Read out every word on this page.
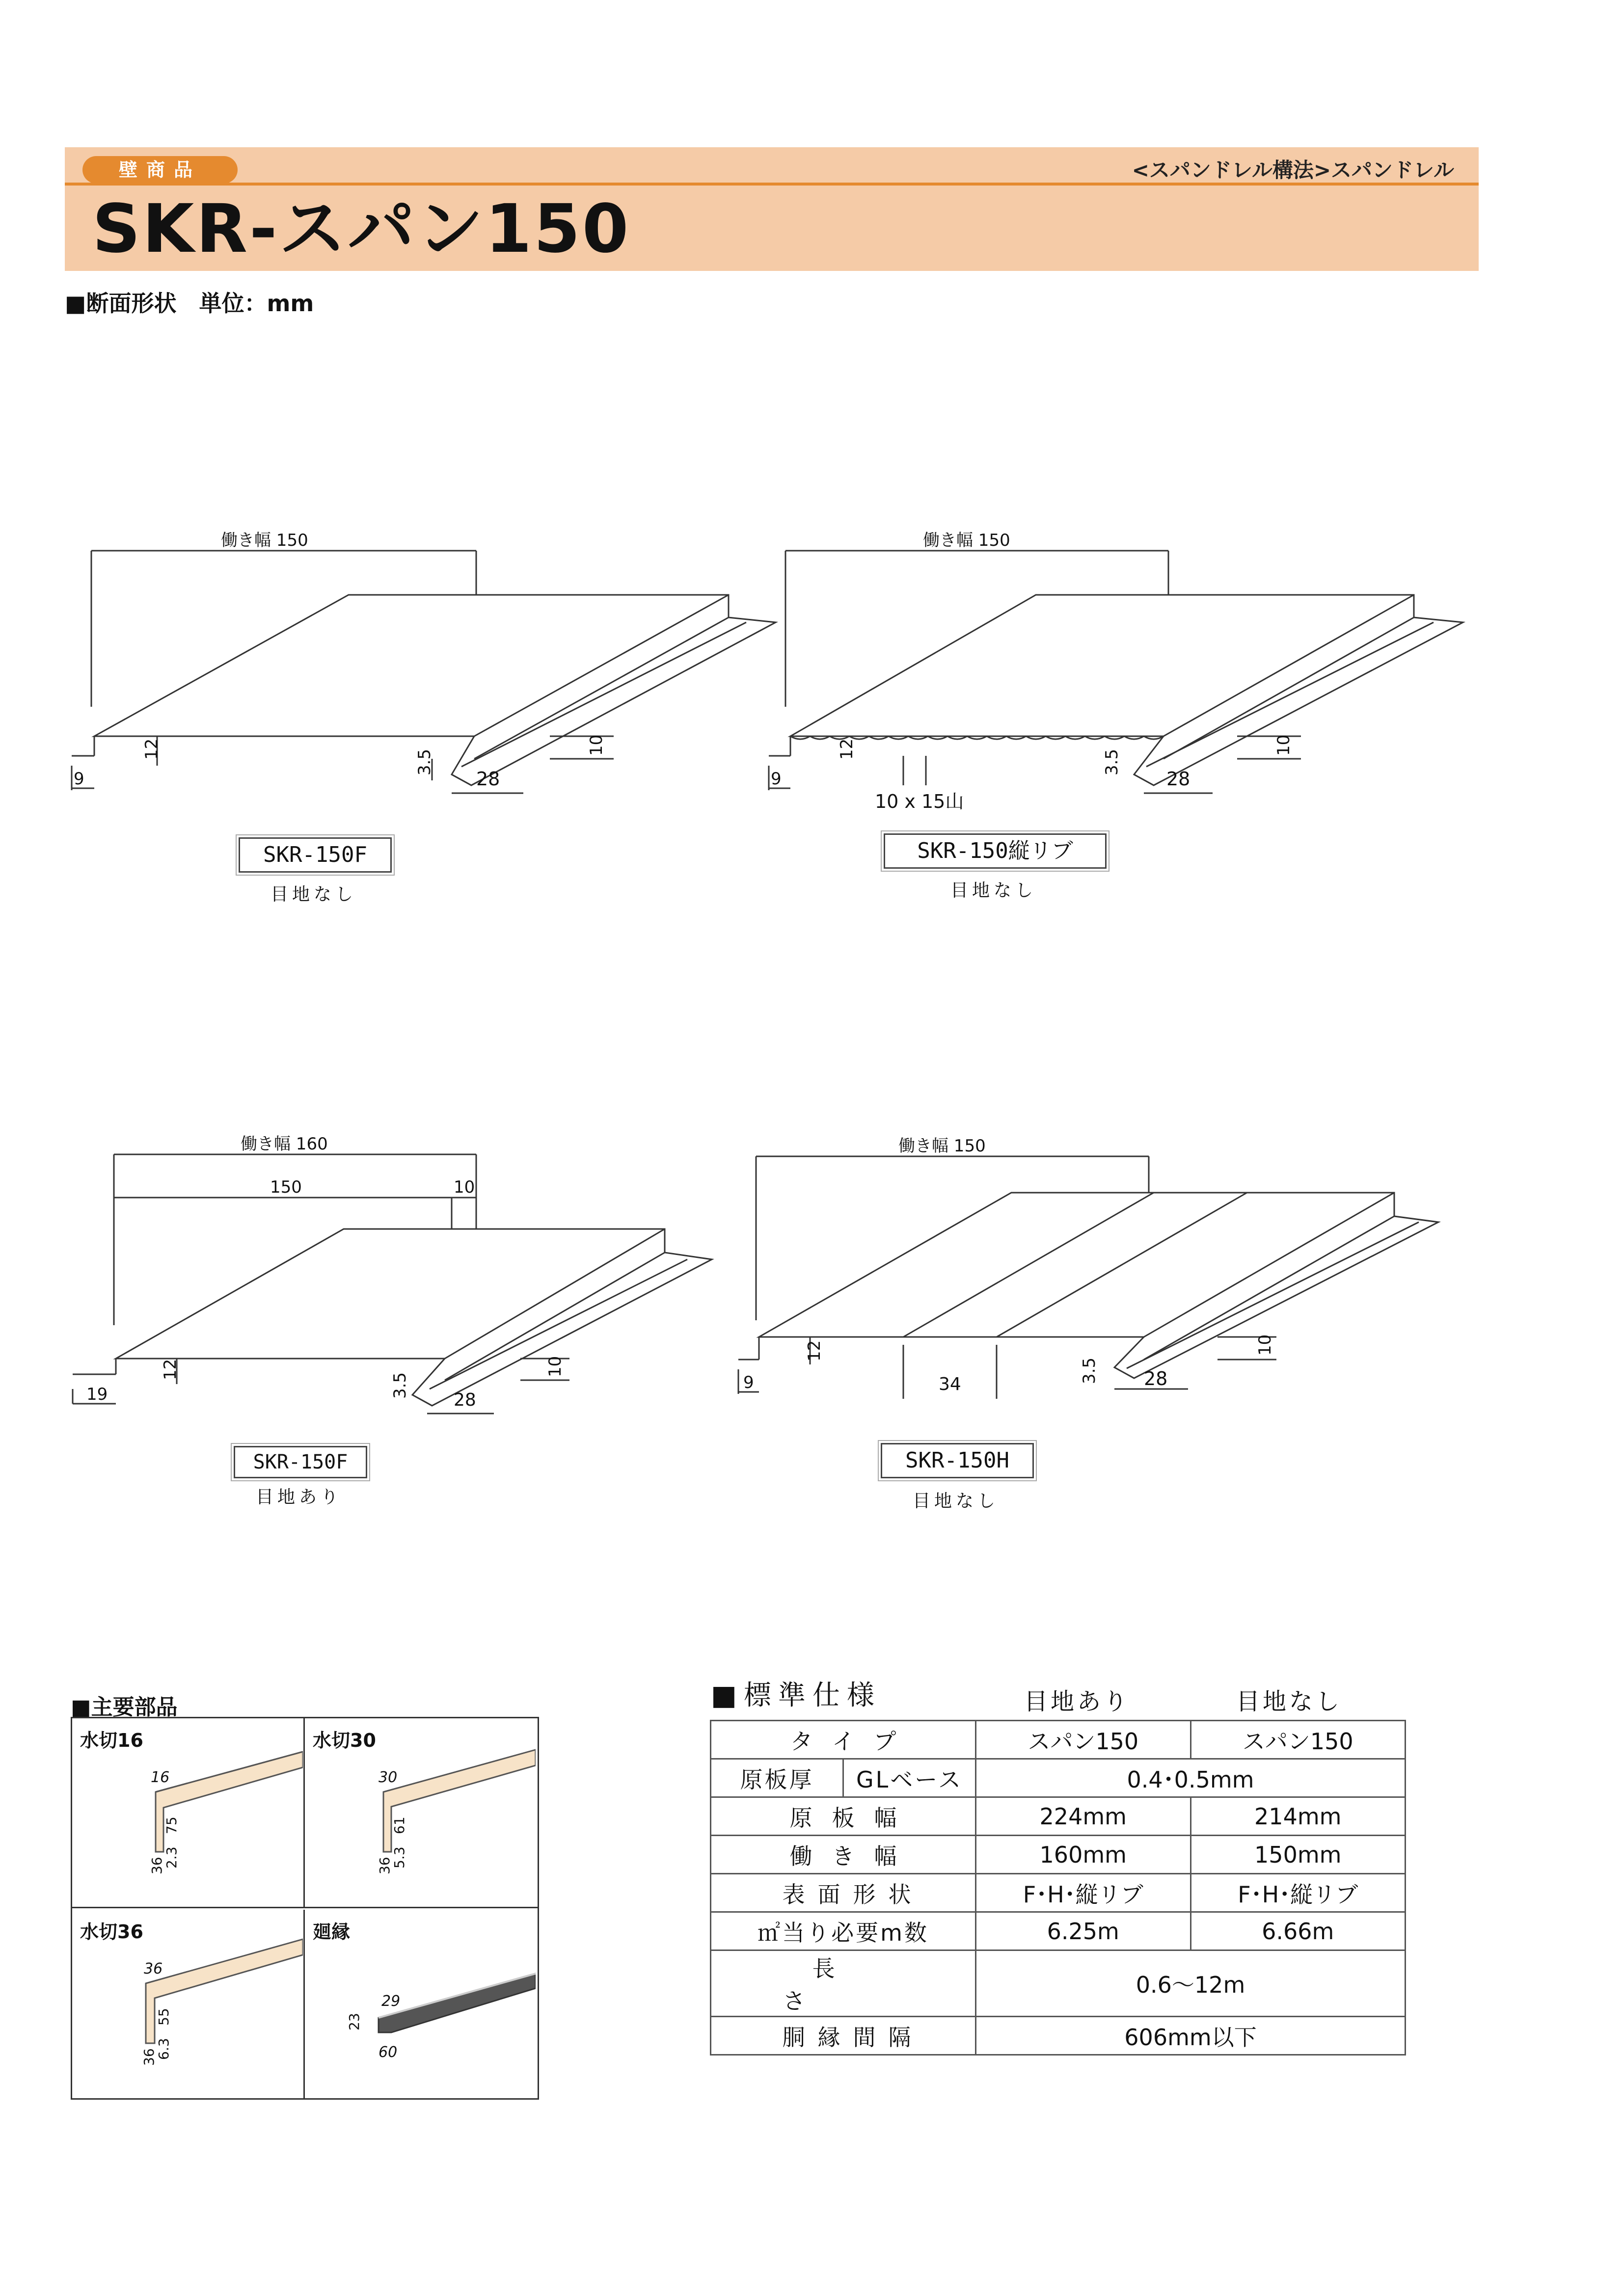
壁商品	<スパンドレル構法>スパンドレル
SKR-スパン150
■断面形状　単位：mm
働き幅 150
12
9
3.5
28
10
働き幅 150
12
9
3.5
28
10
10 x 15山
働き幅 160
150	10
12
19	3.5
28
10
働き幅 150
12
9	34
3.5 28
10
SKR-150F
目地なし
SKR-150縦リブ
目地なし
SKR-150F
目地あり
SKR-150H
目地なし
■主要部品
水切16
16
75
36
2.3
水切30
30
61
36
5.3
水切36
36
55
36
6.3
廻縁
29
23
60
■標準仕様	目地あり	目地なし
タイプ		スパン150	スパン150
原板厚	GLベース	0.4･0.5mm	
原板幅		224mm	214mm
働き幅		160mm	150mm
表面形状		F･H･縦リブ	F･H･縦リブ
㎡当り必要m数		6.25m	6.66m
長さ		0.6～12m	
胴縁間隔		606mm以下	
